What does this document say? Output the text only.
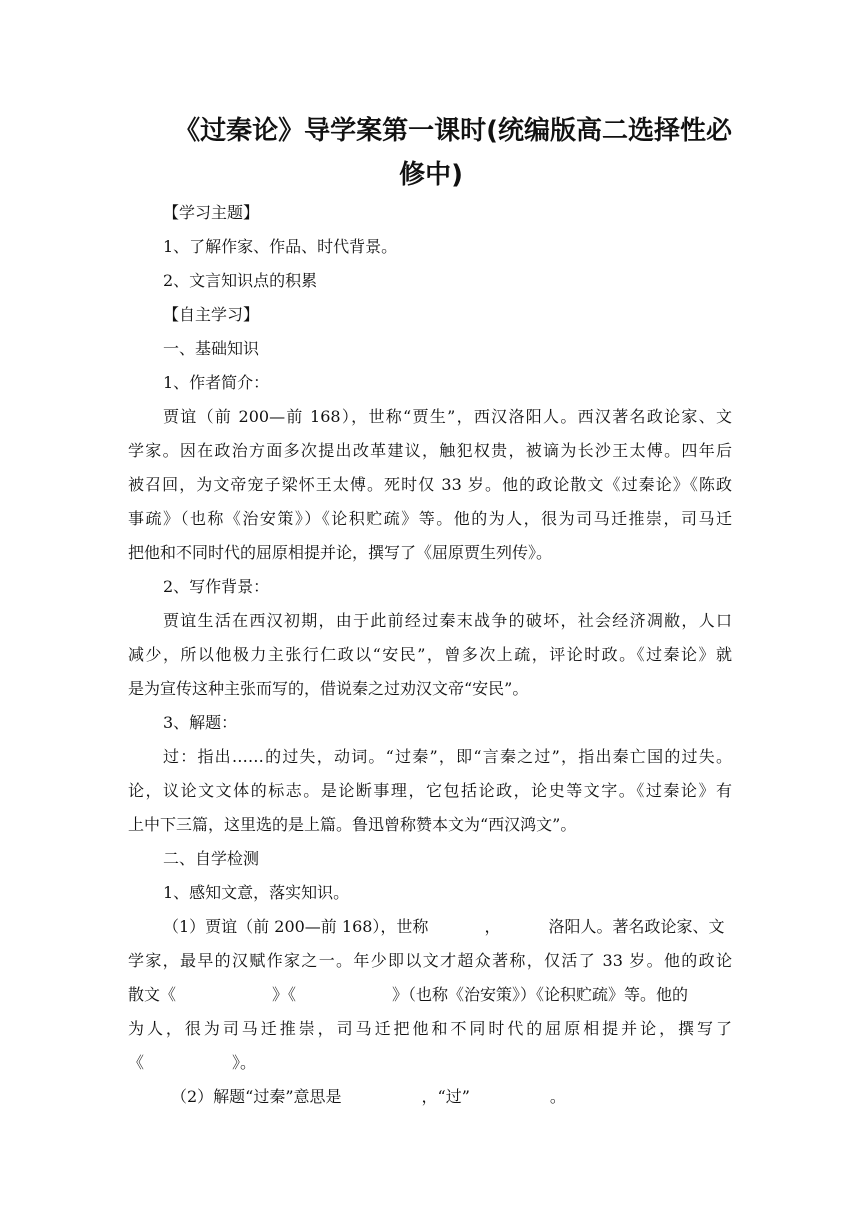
《过秦论》导学案第一课时(统编版高二选择性必
修中)
【学习主题】
1、了解作家、作品、时代背景。
2、文言知识点的积累
【自主学习】
一、基础知识
1、作者简介：
贾谊（前 200—前 168），世称“贾生”，西汉洛阳人。西汉著名政论家、文
学家。因在政治方面多次提出改革建议，触犯权贵，被谪为长沙王太傅。四年后
被召回，为文帝宠子梁怀王太傅。死时仅 33 岁。他的政论散文《过秦论》《陈政
事疏》（也称《治安策》）《论积贮疏》等。他的为人，很为司马迁推崇，司马迁
把他和不同时代的屈原相提并论，撰写了《屈原贾生列传》。
2、写作背景：
贾谊生活在西汉初期，由于此前经过秦末战争的破坏，社会经济凋敝，人口
减少，所以他极力主张行仁政以“安民”，曾多次上疏，评论时政。《过秦论》就
是为宣传这种主张而写的，借说秦之过劝汉文帝“安民”。
3、解题：
过：指出……的过失，动词。“过秦”，即“言秦之过”，指出秦亡国的过失。
论，议论文文体的标志。是论断事理，它包括论政，论史等文字。《过秦论》有
上中下三篇，这里选的是上篇。鲁迅曾称赞本文为“西汉鸿文”。
二、自学检测
1、感知文意，落实知识。
（1）贾谊（前 200—前 168），世称	，	洛阳人。著名政论家、文
学家，最早的汉赋作家之一。年少即以文才超众著称，仅活了 33 岁。他的政论
散文《	》《	》（也称《治安策》）《论积贮疏》等。他的
为人，很为司马迁推崇，司马迁把他和不同时代的屈原相提并论，撰写了
《	》。
（2）解题“过秦”意思是	，“过”	。
